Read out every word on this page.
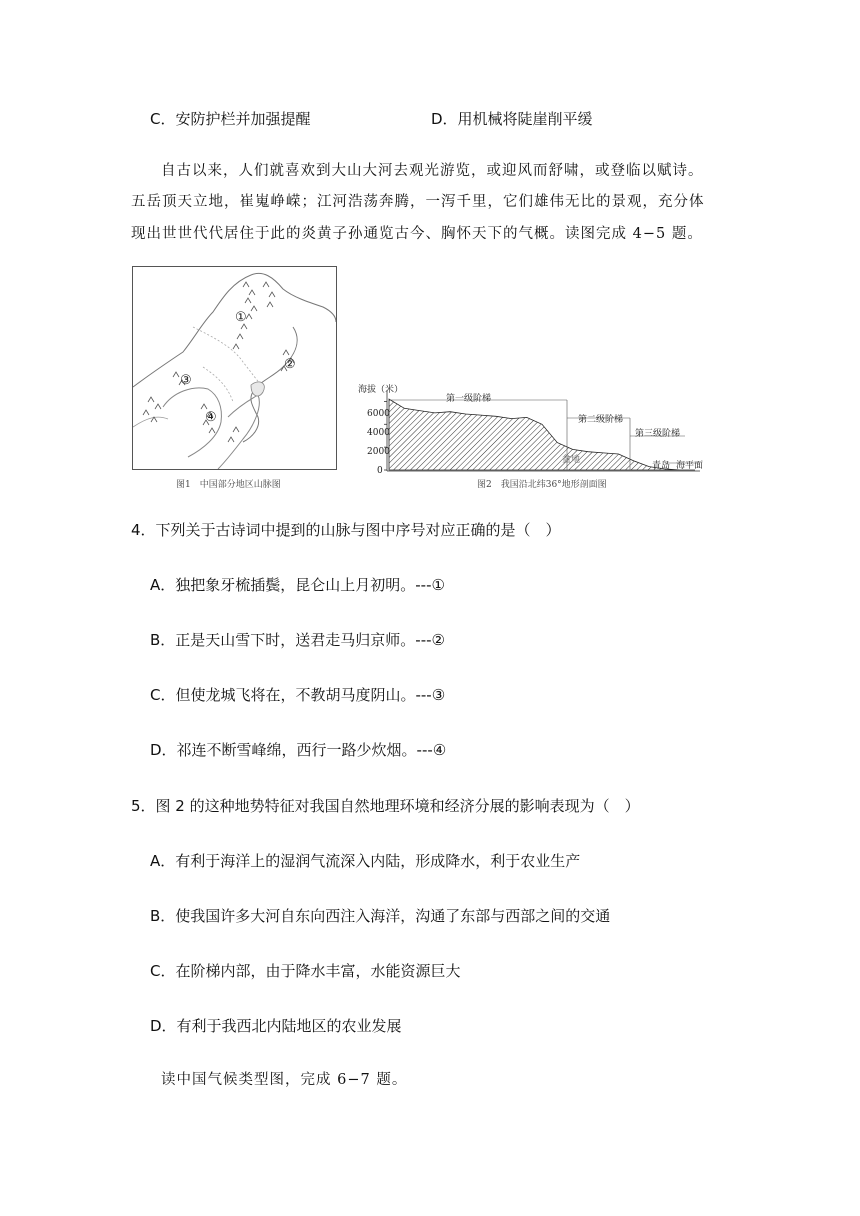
C．安防护栏并加强提醒	D．用机械将陡崖削平缓
自古以来，人们就喜欢到大山大河去观光游览，或迎风而舒啸，或登临以赋诗。
五岳顶天立地，崔嵬峥嵘；江河浩荡奔腾，一泻千里，它们雄伟无比的景观，充分体
现出世世代代居住于此的炎黄子孙通览古今、胸怀天下的气概。读图完成 4−5 题。
①
②
③
④
图1　中国部分地区山脉图
海拔（米）
6000
4000
2000
0
第一级阶梯
第二级阶梯
第三级阶梯
盆地
青岛 海平面
图2　我国沿北纬36°地形剖面图
4．下列关于古诗词中提到的山脉与图中序号对应正确的是（　）
A．独把象牙梳插鬓，昆仑山上月初明。---①
B．正是天山雪下时，送君走马归京师。---②
C．但使龙城飞将在，不教胡马度阴山。---③
D．祁连不断雪峰绵，西行一路少炊烟。---④
5．图 2 的这种地势特征对我国自然地理环境和经济分展的影响表现为（　）
A．有利于海洋上的湿润气流深入内陆，形成降水，利于农业生产
B．使我国许多大河自东向西注入海洋，沟通了东部与西部之间的交通
C．在阶梯内部，由于降水丰富，水能资源巨大
D．有利于我西北内陆地区的农业发展
读中国气候类型图，完成 6−7 题。
